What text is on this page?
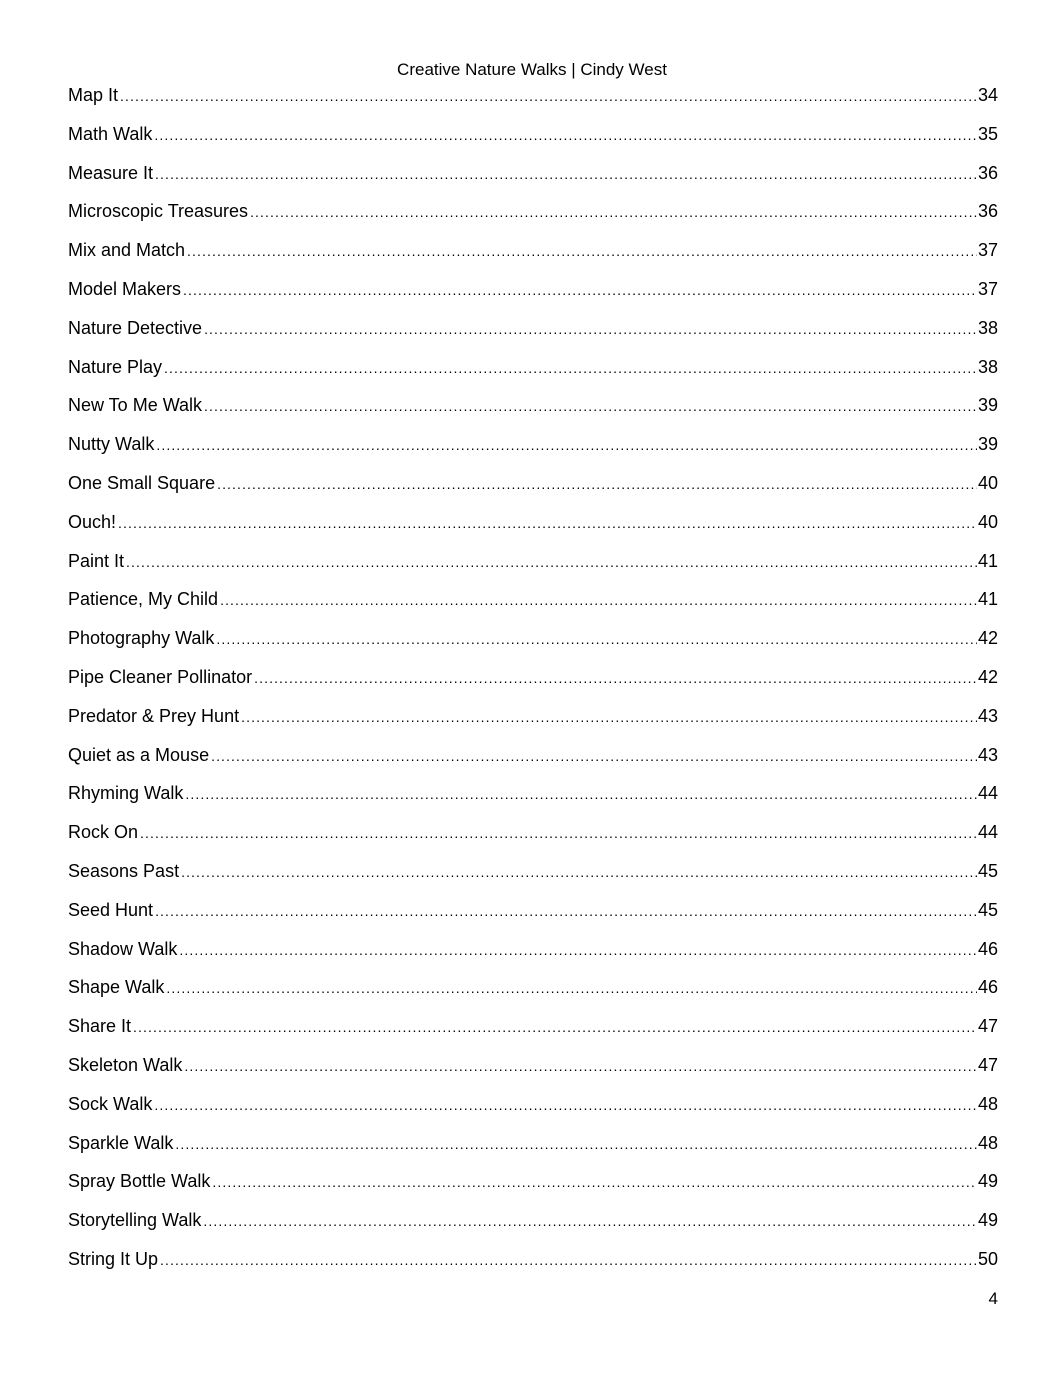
Creative Nature Walks | Cindy West
Map It .....	34
Math Walk .....	35
Measure It .....	36
Microscopic Treasures .....	36
Mix and Match .....	37
Model Makers .....	37
Nature Detective .....	38
Nature Play .....	38
New To Me Walk .....	39
Nutty Walk .....	39
One Small Square .....	40
Ouch! .....	40
Paint It .....	41
Patience, My Child .....	41
Photography Walk .....	42
Pipe Cleaner Pollinator .....	42
Predator & Prey Hunt .....	43
Quiet as a Mouse .....	43
Rhyming Walk .....	44
Rock On .....	44
Seasons Past .....	45
Seed Hunt .....	45
Shadow Walk .....	46
Shape Walk .....	46
Share It .....	47
Skeleton Walk .....	47
Sock Walk .....	48
Sparkle Walk .....	48
Spray Bottle Walk .....	49
Storytelling Walk .....	49
String It Up .....	50
4
